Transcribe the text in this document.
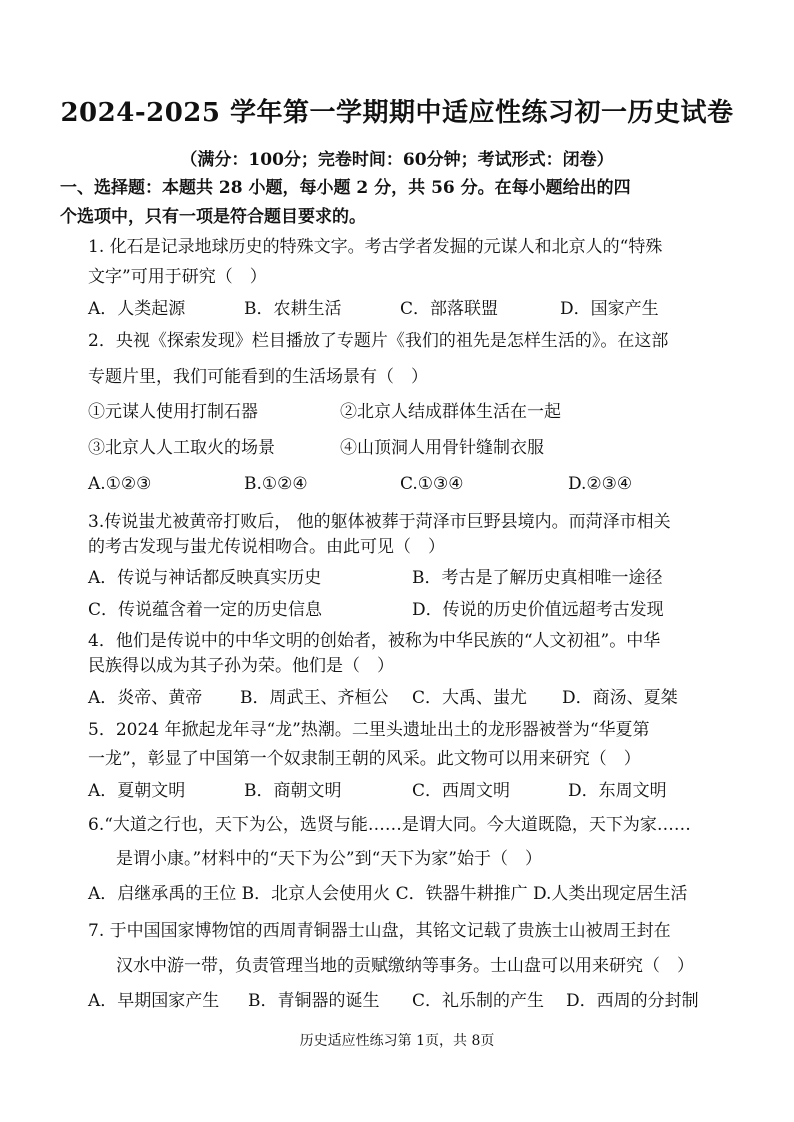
2024-2025 学年第一学期期中适应性练习初一历史试卷
（满分：100分；完卷时间：60分钟；考试形式：闭卷）
一、选择题：本题共 28 小题，每小题 2 分，共 56 分。在每小题给出的四
个选项中，只有一项是符合题目要求的。
1. 化石是记录地球历史的特殊文字。考古学者发掘的元谋人和北京人的“特殊
文字”可用于研究（　）
A．人类起源	B．农耕生活	C．部落联盟	D．国家产生
2．央视《探索发现》栏目播放了专题片《我们的祖先是怎样生活的》。在这部
专题片里，我们可能看到的生活场景有（　）
①元谋人使用打制石器	②北京人结成群体生活在一起
③北京人人工取火的场景	④山顶洞人用骨针缝制衣服
A.①②③	B.①②④	C.①③④	D.②③④
3.传说蚩尤被黄帝打败后， 他的躯体被葬于菏泽市巨野县境内。而菏泽市相关
的考古发现与蚩尤传说相吻合。由此可见（　）
A．传说与神话都反映真实历史	B．考古是了解历史真相唯一途径
C．传说蕴含着一定的历史信息	D．传说的历史价值远超考古发现
4．他们是传说中的中华文明的创始者，被称为中华民族的“人文初祖”。中华
民族得以成为其子孙为荣。他们是（　）
A．炎帝、黄帝 B．周武王、齐桓公 C．大禹、蚩尤 D．商汤、夏桀
5．2024 年掀起龙年寻“龙”热潮。二里头遗址出土的龙形器被誉为“华夏第
一龙”，彰显了中国第一个奴隶制王朝的风采。此文物可以用来研究（　）
A．夏朝文明	B．商朝文明	C．西周文明	D．东周文明
6.“大道之行也，天下为公，选贤与能……是谓大同。今大道既隐，天下为家……
是谓小康。”材料中的“天下为公”到“天下为家”始于（　）
A．启继承禹的王位 B．北京人会使用火 C．铁器牛耕推广 D.人类出现定居生活
7. 于中国国家博物馆的西周青铜器士山盘，其铭文记载了贵族士山被周王封在
汉水中游一带，负责管理当地的贡赋缴纳等事务。士山盘可以用来研究（　）
A．早期国家产生 B．青铜器的诞生 C．礼乐制的产生 D．西周的分封制
历史适应性练习第 1页，共 8页
